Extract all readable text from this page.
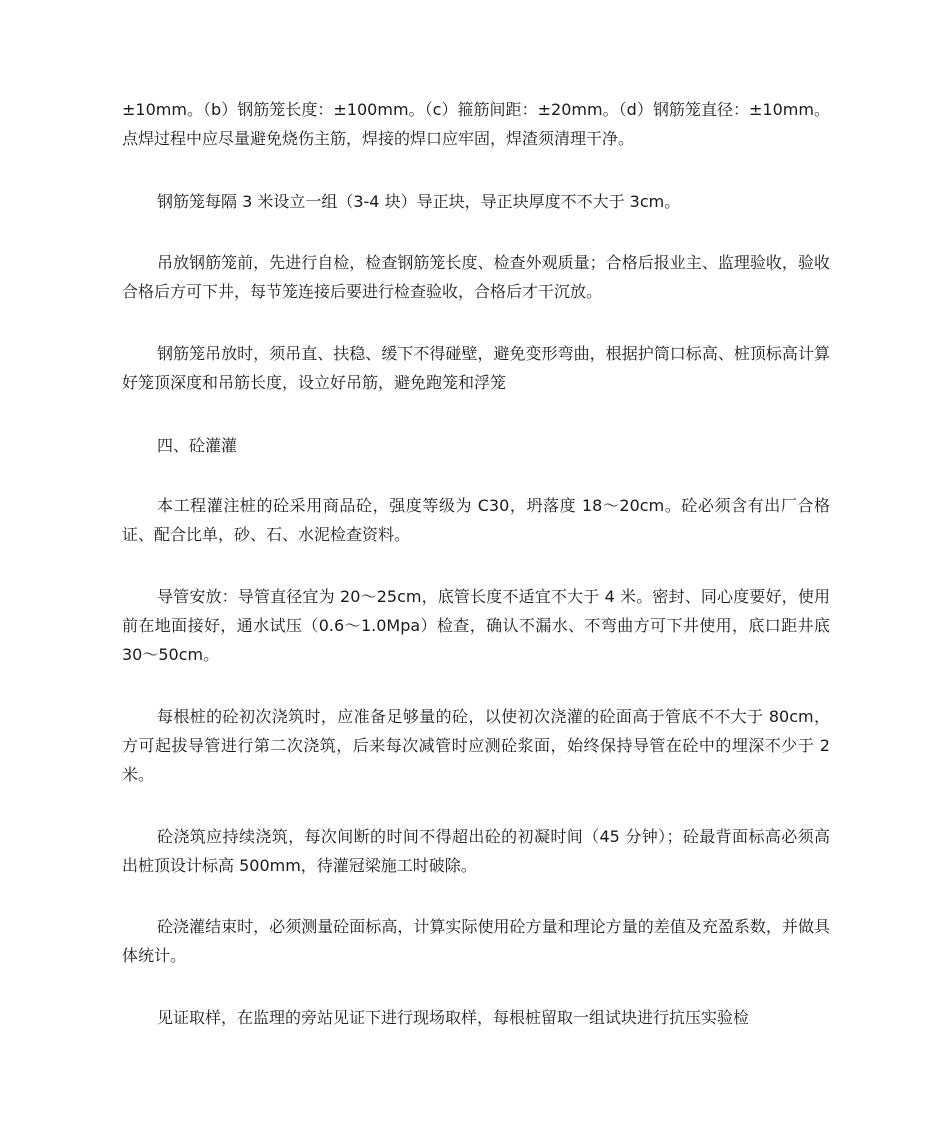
±10mm。（b）钢筋笼长度：±100mm。（c）箍筋间距：±20mm。（d）钢筋笼直径：±10mm。点焊过程中应尽量避免烧伤主筋，焊接的焊口应牢固，焊渣须清理干净。

钢筋笼每隔 3 米设立一组（3-4 块）导正块，导正块厚度不不大于 3cm。

吊放钢筋笼前，先进行自检，检查钢筋笼长度、检查外观质量；合格后报业主、监理验收，验收合格后方可下井，每节笼连接后要进行检查验收，合格后才干沉放。

钢筋笼吊放时，须吊直、扶稳、缓下不得碰壁，避免变形弯曲，根据护筒口标高、桩顶标高计算好笼顶深度和吊筋长度，设立好吊筋，避免跑笼和浮笼

四、砼灌灌

本工程灌注桩的砼采用商品砼，强度等级为 C30，坍落度 18～20cm。砼必须含有出厂合格证、配合比单，砂、石、水泥检查资料。

导管安放：导管直径宜为 20～25cm，底管长度不适宜不大于 4 米。密封、同心度要好，使用前在地面接好，通水试压（0.6～1.0Mpa）检查，确认不漏水、不弯曲方可下井使用，底口距井底 30～50cm。

每根桩的砼初次浇筑时，应准备足够量的砼，以使初次浇灌的砼面高于管底不不大于 80cm，方可起拔导管进行第二次浇筑，后来每次减管时应测砼浆面，始终保持导管在砼中的埋深不少于 2 米。

砼浇筑应持续浇筑，每次间断的时间不得超出砼的初凝时间（45 分钟）；砼最背面标高必须高出桩顶设计标高 500mm，待灌冠梁施工时破除。

砼浇灌结束时，必须测量砼面标高，计算实际使用砼方量和理论方量的差值及充盈系数，并做具体统计。

见证取样，在监理的旁站见证下进行现场取样，每根桩留取一组试块进行抗压实验检
